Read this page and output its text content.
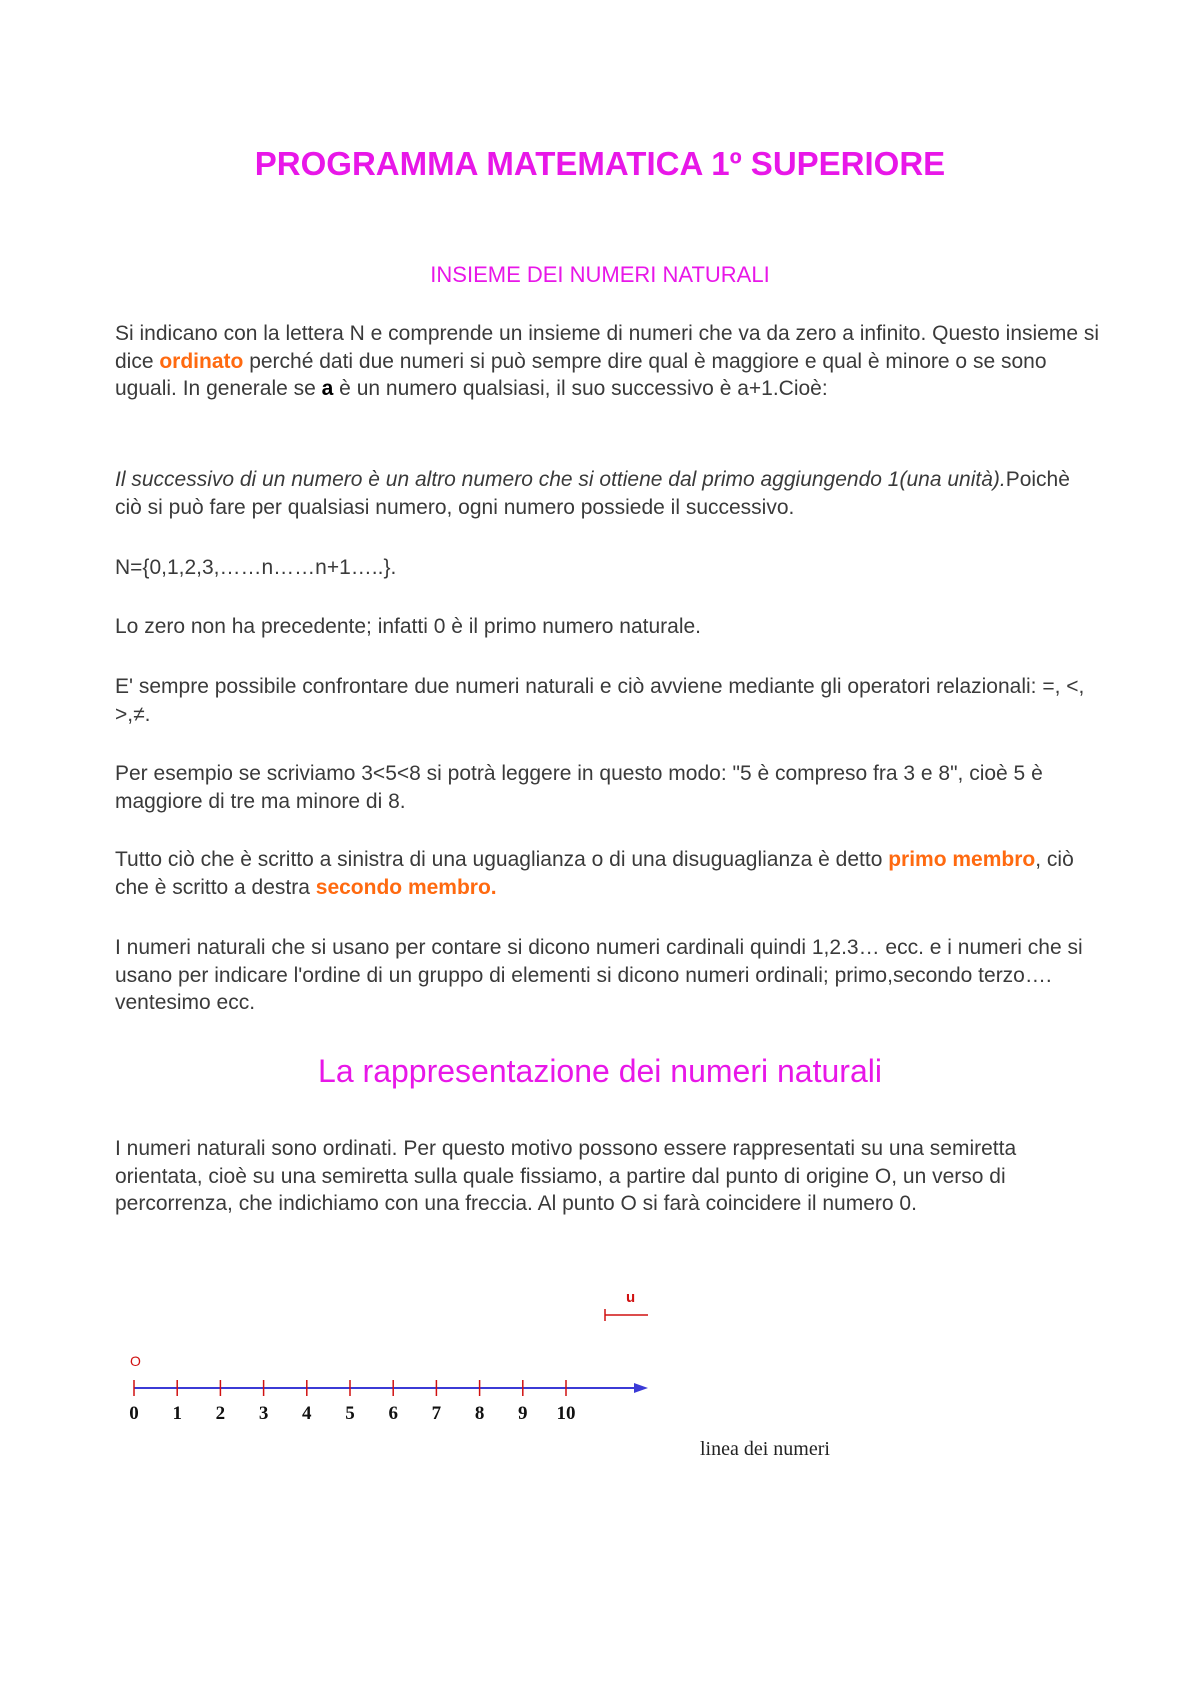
PROGRAMMA MATEMATICA 1º SUPERIORE
INSIEME DEI NUMERI NATURALI

Si indicano con la lettera N e comprende un insieme di numeri che va da zero a infinito. Questo insieme si dice ordinato perché dati due numeri si può sempre dire qual è maggiore e qual è minore o se sono uguali. In generale se a è un numero qualsiasi, il suo successivo è a+1.Cioè:

Il successivo di un numero è un altro numero che si ottiene dal primo aggiungendo 1(una unità).Poichè ciò si può fare per qualsiasi numero, ogni numero possiede il successivo.

N={0,1,2,3,……n……n+1…..}.

Lo zero non ha precedente; infatti 0 è il primo numero naturale.

E' sempre possibile confrontare due numeri naturali e ciò avviene mediante gli operatori relazionali: =, <, >,≠.

Per esempio se scriviamo 3<5<8 si potrà leggere in questo modo: "5 è compreso fra 3 e 8", cioè 5 è maggiore di tre ma minore di 8.

Tutto ciò che è scritto a sinistra di una uguaglianza o di una disuguaglianza è detto primo membro, ciò che è scritto a destra secondo membro.

I numeri naturali che si usano per contare si dicono numeri cardinali quindi 1,2.3… ecc. e i numeri che si usano per indicare l'ordine di un gruppo di elementi si dicono numeri ordinali; primo,secondo terzo…. ventesimo ecc.

La rappresentazione dei numeri naturali

I numeri naturali sono ordinati. Per questo motivo possono essere rappresentati su una semiretta orientata, cioè su una semiretta sulla quale fissiamo, a partire dal punto di origine O, un verso di percorrenza, che indichiamo con una freccia. Al punto O si farà coincidere il numero 0.

u
O
0 1 2 3 4 5 6 7 8 9 10
linea dei numeri
